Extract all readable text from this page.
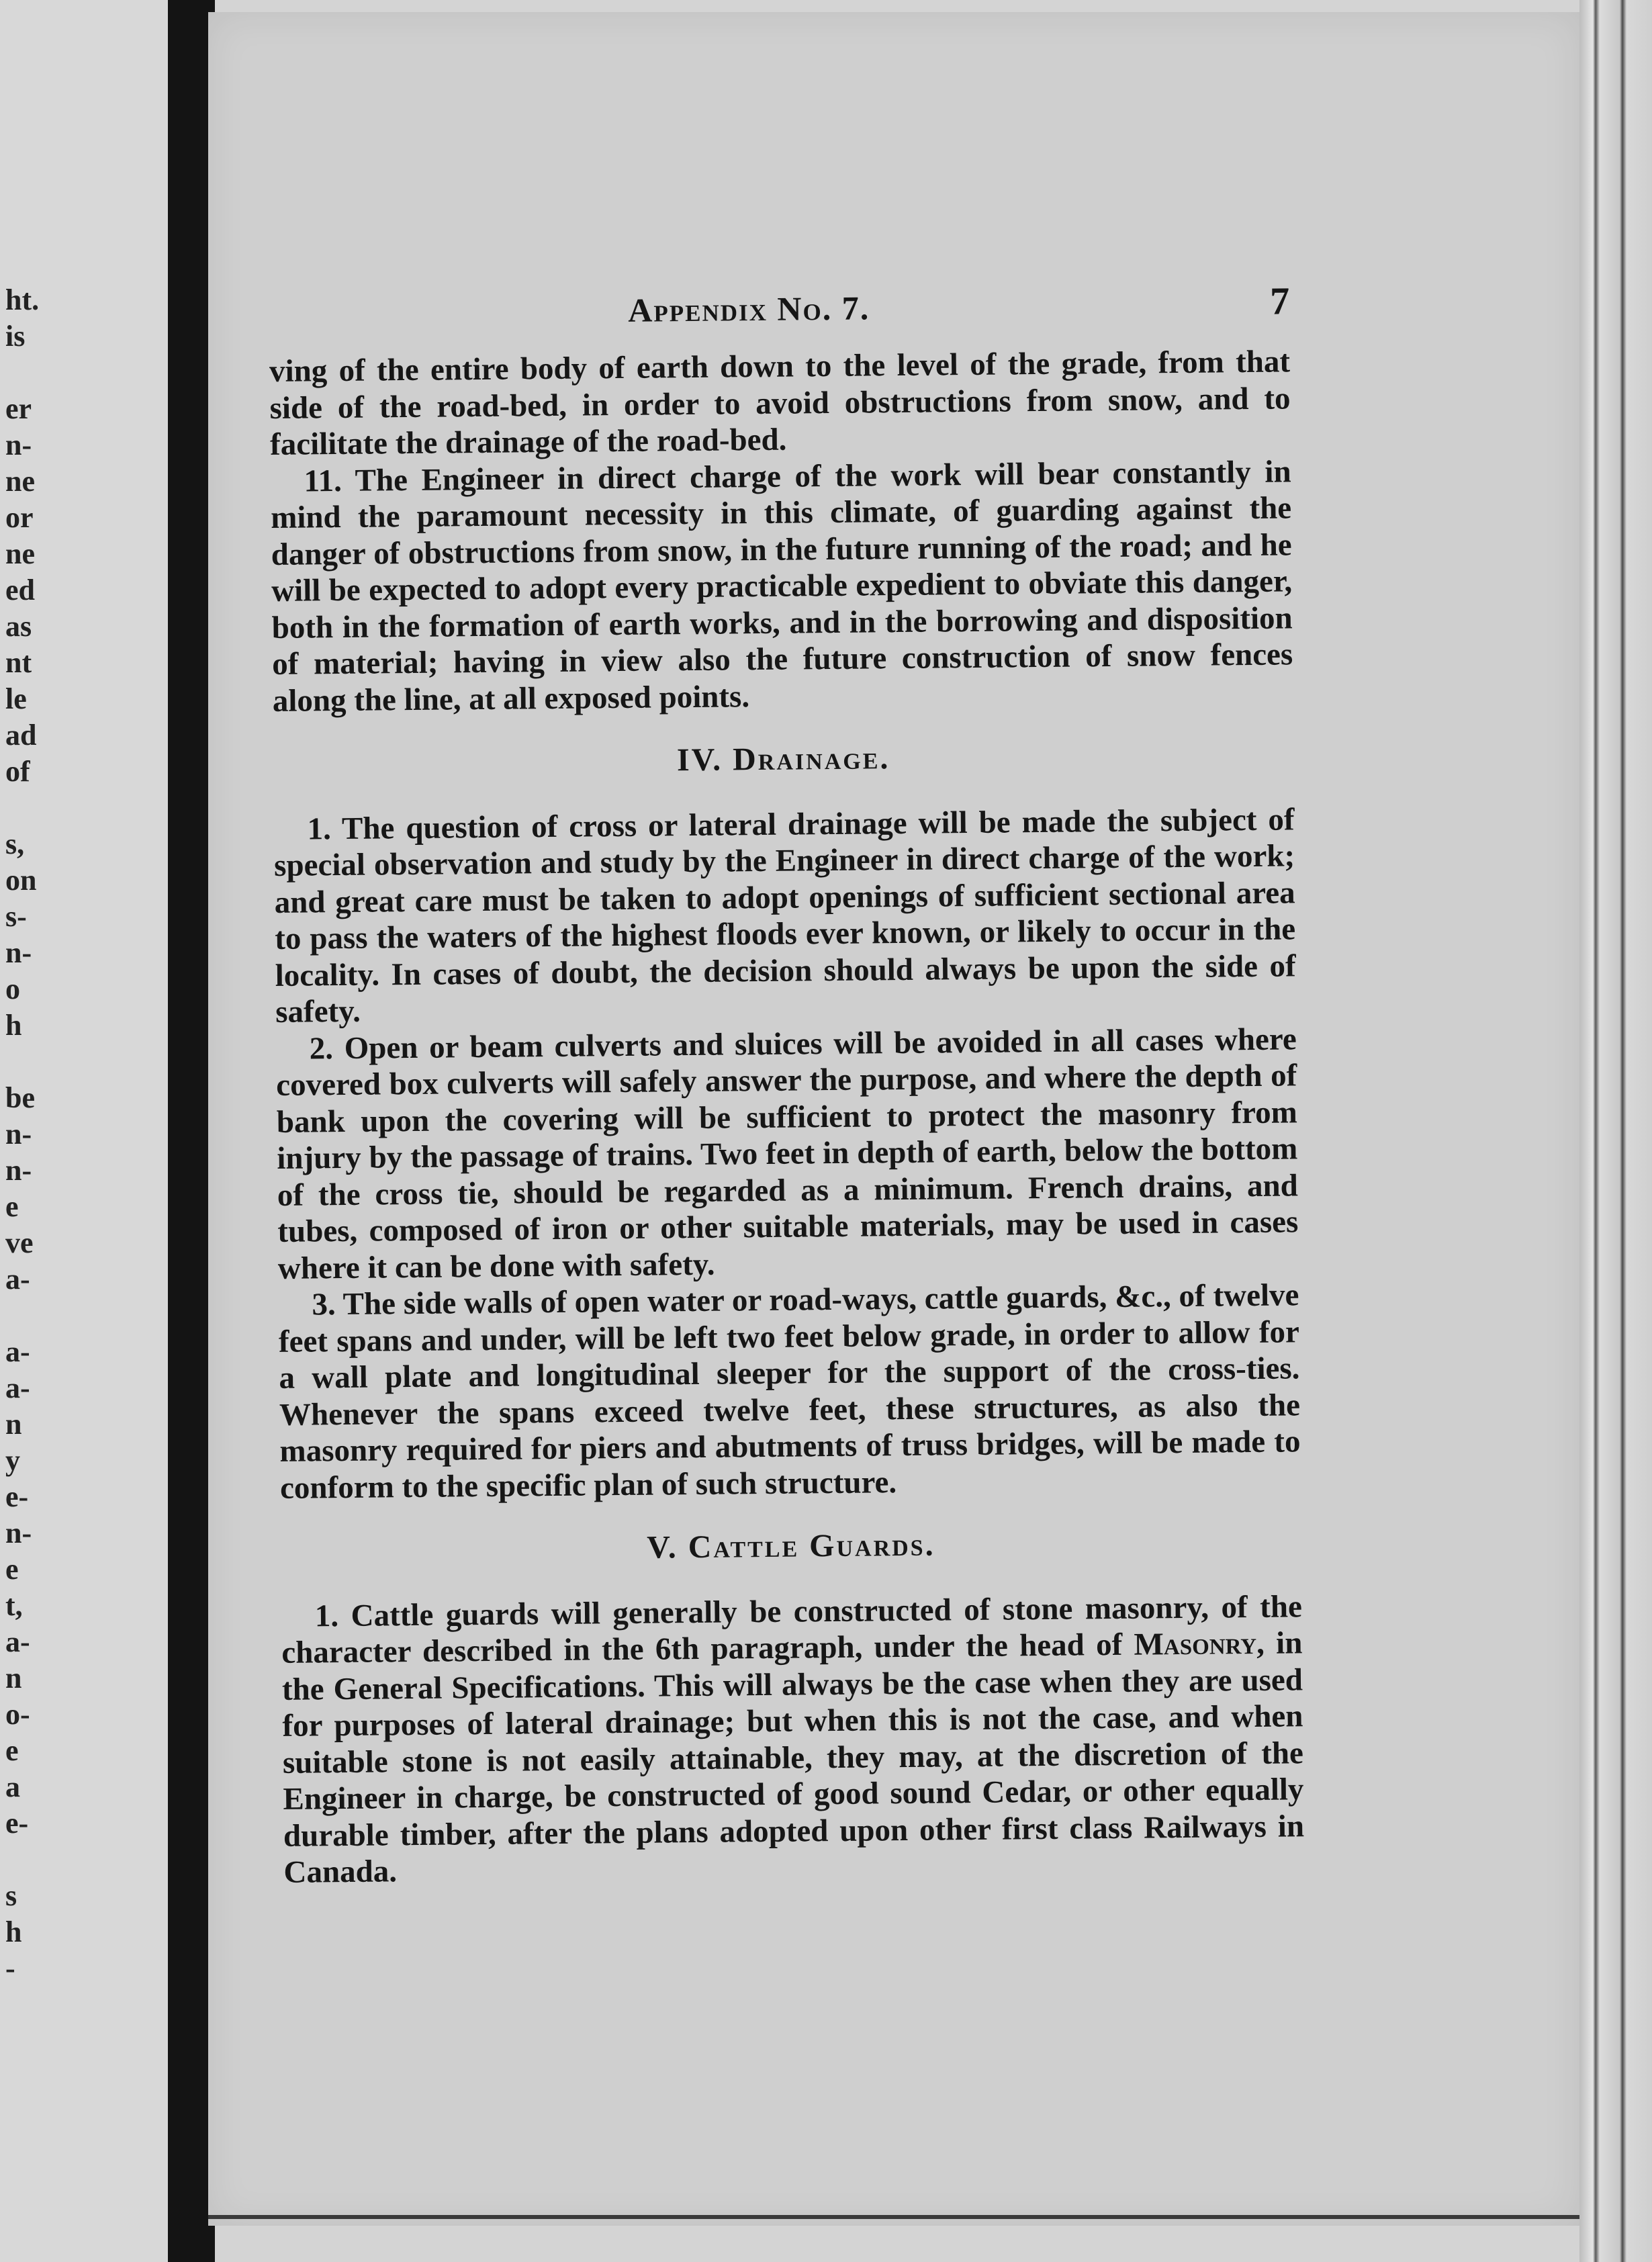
ht.
is

er
n-
ne
or
ne
ed
as
nt
le
ad
of

s,
on
s-
n-
o
h

be
n-
n-
e
ve
a-

a-
a-
n
y
e-
n-
e
t,
a-
n
o-
e
a
e-

s
h
-
Appendix No. 7.	7

ving of the entire body of earth down to the level of the grade, from that side of the road-bed, in order to avoid obstructions from snow, and to facilitate the drainage of the road-bed.

11. The Engineer in direct charge of the work will bear constantly in mind the paramount necessity in this climate, of guarding against the danger of obstructions from snow, in the future running of the road; and he will be expected to adopt every practicable expedient to obviate this danger, both in the formation of earth works, and in the borrowing and disposition of material; having in view also the future construction of snow fences along the line, at all exposed points.

IV. Drainage.

1. The question of cross or lateral drainage will be made the subject of special observation and study by the Engineer in direct charge of the work; and great care must be taken to adopt openings of sufficient sectional area to pass the waters of the highest floods ever known, or likely to occur in the locality. In cases of doubt, the decision should always be upon the side of safety.

2. Open or beam culverts and sluices will be avoided in all cases where covered box culverts will safely answer the purpose, and where the depth of bank upon the covering will be sufficient to protect the masonry from injury by the passage of trains. Two feet in depth of earth, below the bottom of the cross tie, should be regarded as a minimum. French drains, and tubes, composed of iron or other suitable materials, may be used in cases where it can be done with safety.

3. The side walls of open water or road-ways, cattle guards, &c., of twelve feet spans and under, will be left two feet below grade, in order to allow for a wall plate and longitudinal sleeper for the support of the cross-ties. Whenever the spans exceed twelve feet, these structures, as also the masonry required for piers and abutments of truss bridges, will be made to conform to the specific plan of such structure.

V. Cattle Guards.

1. Cattle guards will generally be constructed of stone masonry, of the character described in the 6th paragraph, under the head of Masonry, in the General Specifications. This will always be the case when they are used for purposes of lateral drainage; but when this is not the case, and when suitable stone is not easily attainable, they may, at the discretion of the Engineer in charge, be constructed of good sound Cedar, or other equally durable timber, after the plans adopted upon other first class Railways in Canada.
